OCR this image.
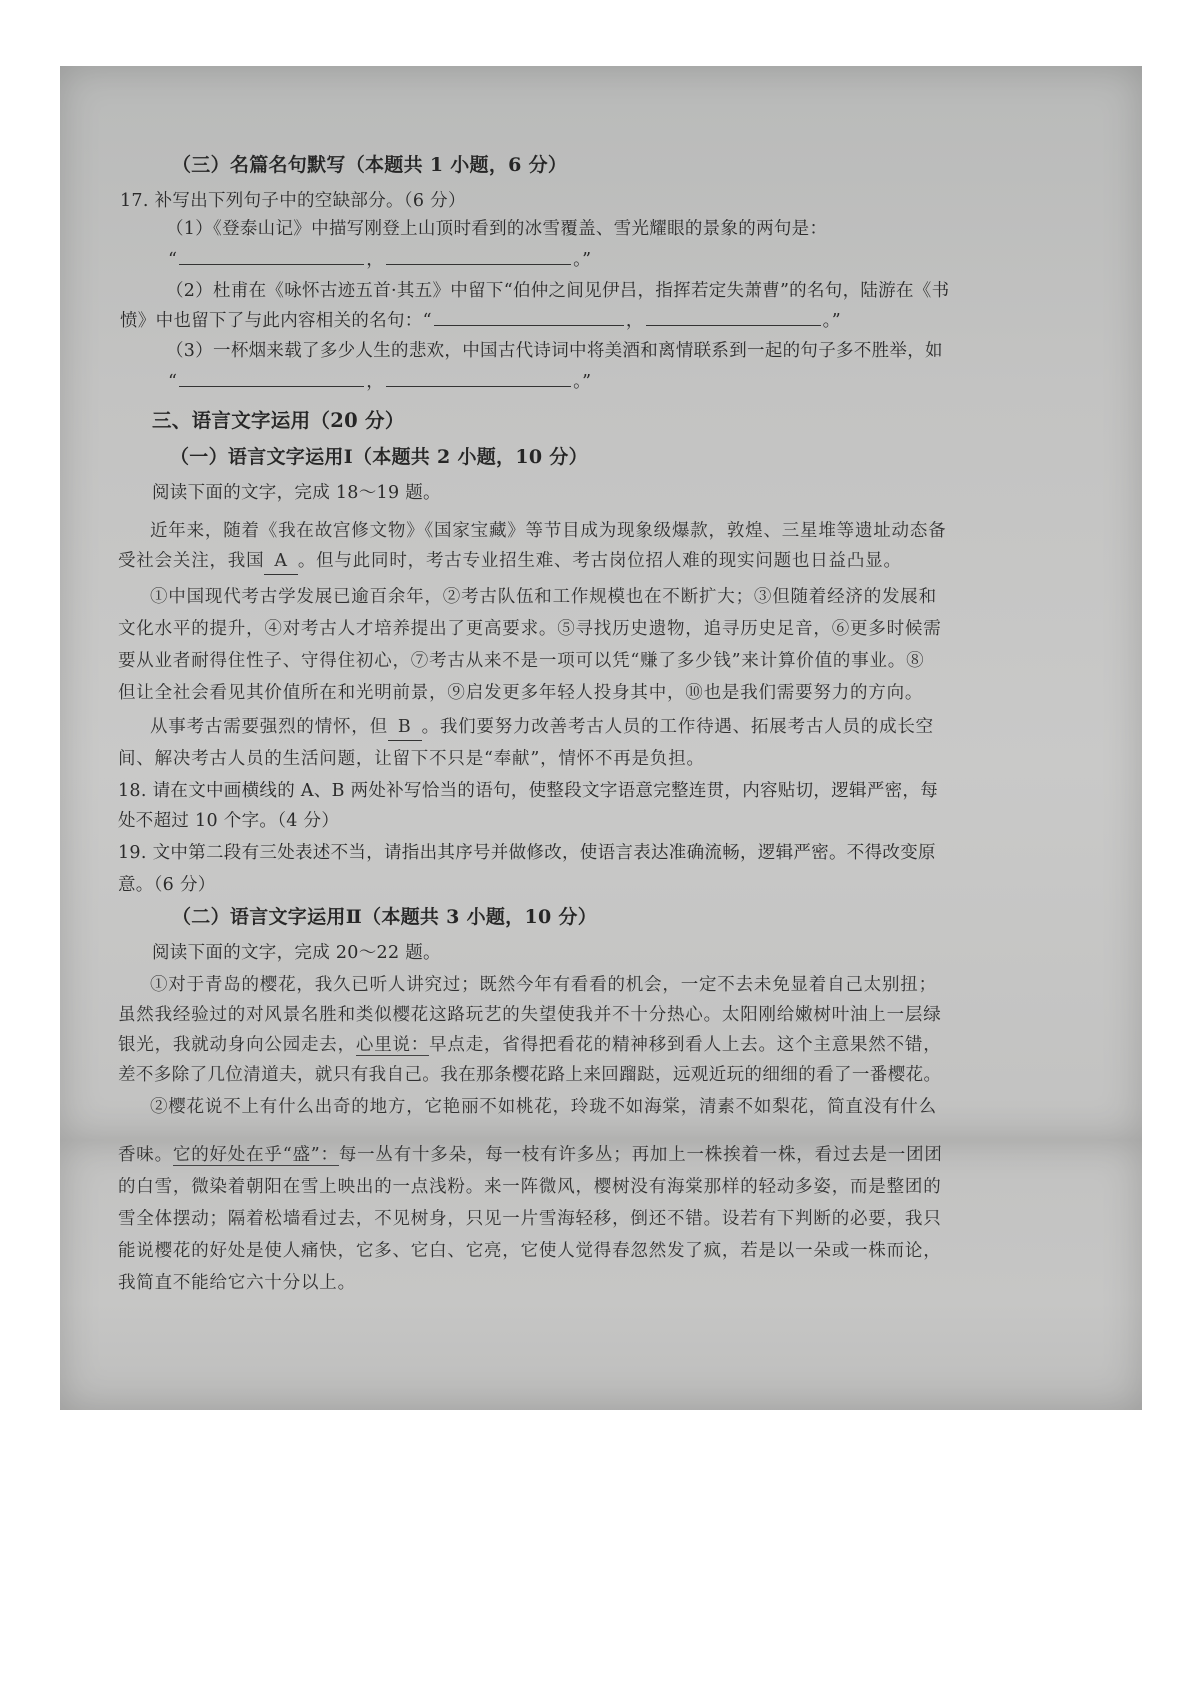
（三）名篇名句默写（本题共 1 小题，6 分）
17. 补写出下列句子中的空缺部分。（6 分）
（1）《登泰山记》中描写刚登上山顶时看到的冰雪覆盖、雪光耀眼的景象的两句是：
“	，	。”
（2）杜甫在《咏怀古迹五首·其五》中留下“伯仲之间见伊吕，指挥若定失萧曹”的名句，陆游在《书
愤》中也留下了与此内容相关的名句：“	，	。”
（3）一杯烟来载了多少人生的悲欢，中国古代诗词中将美酒和离情联系到一起的句子多不胜举，如
“	，	。”
三、语言文字运用（20 分）
（一）语言文字运用Ⅰ（本题共 2 小题，10 分）
阅读下面的文字，完成 18～19 题。
近年来，随着《我在故宫修文物》《国家宝藏》等节目成为现象级爆款，敦煌、三星堆等遗址动态备
受社会关注，我国 A 。但与此同时，考古专业招生难、考古岗位招人难的现实问题也日益凸显。
①中国现代考古学发展已逾百余年，②考古队伍和工作规模也在不断扩大；③但随着经济的发展和
文化水平的提升，④对考古人才培养提出了更高要求。⑤寻找历史遗物，追寻历史足音，⑥更多时候需
要从业者耐得住性子、守得住初心，⑦考古从来不是一项可以凭“赚了多少钱”来计算价值的事业。⑧
但让全社会看见其价值所在和光明前景，⑨启发更多年轻人投身其中，⑩也是我们需要努力的方向。
从事考古需要强烈的情怀，但 B 。我们要努力改善考古人员的工作待遇、拓展考古人员的成长空
间、解决考古人员的生活问题，让留下不只是“奉献”，情怀不再是负担。
18. 请在文中画横线的 A、B 两处补写恰当的语句，使整段文字语意完整连贯，内容贴切，逻辑严密，每
处不超过 10 个字。（4 分）
19. 文中第二段有三处表述不当，请指出其序号并做修改，使语言表达准确流畅，逻辑严密。不得改变原
意。（6 分）
（二）语言文字运用Ⅱ（本题共 3 小题，10 分）
阅读下面的文字，完成 20～22 题。
①对于青岛的樱花，我久已听人讲究过；既然今年有看看的机会，一定不去未免显着自己太别扭；
虽然我经验过的对风景名胜和类似樱花这路玩艺的失望使我并不十分热心。太阳刚给嫩树叶油上一层绿
银光，我就动身向公园走去，心里说：早点走，省得把看花的精神移到看人上去。这个主意果然不错，
差不多除了几位清道夫，就只有我自己。我在那条樱花路上来回蹓跶，远观近玩的细细的看了一番樱花。
②樱花说不上有什么出奇的地方，它艳丽不如桃花，玲珑不如海棠，清素不如梨花，简直没有什么
香味。它的好处在乎“盛”：每一丛有十多朵，每一枝有许多丛；再加上一株挨着一株，看过去是一团团
的白雪，微染着朝阳在雪上映出的一点浅粉。来一阵微风，樱树没有海棠那样的轻动多姿，而是整团的
雪全体摆动；隔着松墙看过去，不见树身，只见一片雪海轻移，倒还不错。设若有下判断的必要，我只
能说樱花的好处是使人痛快，它多、它白、它亮，它使人觉得春忽然发了疯，若是以一朵或一株而论，
我简直不能给它六十分以上。
